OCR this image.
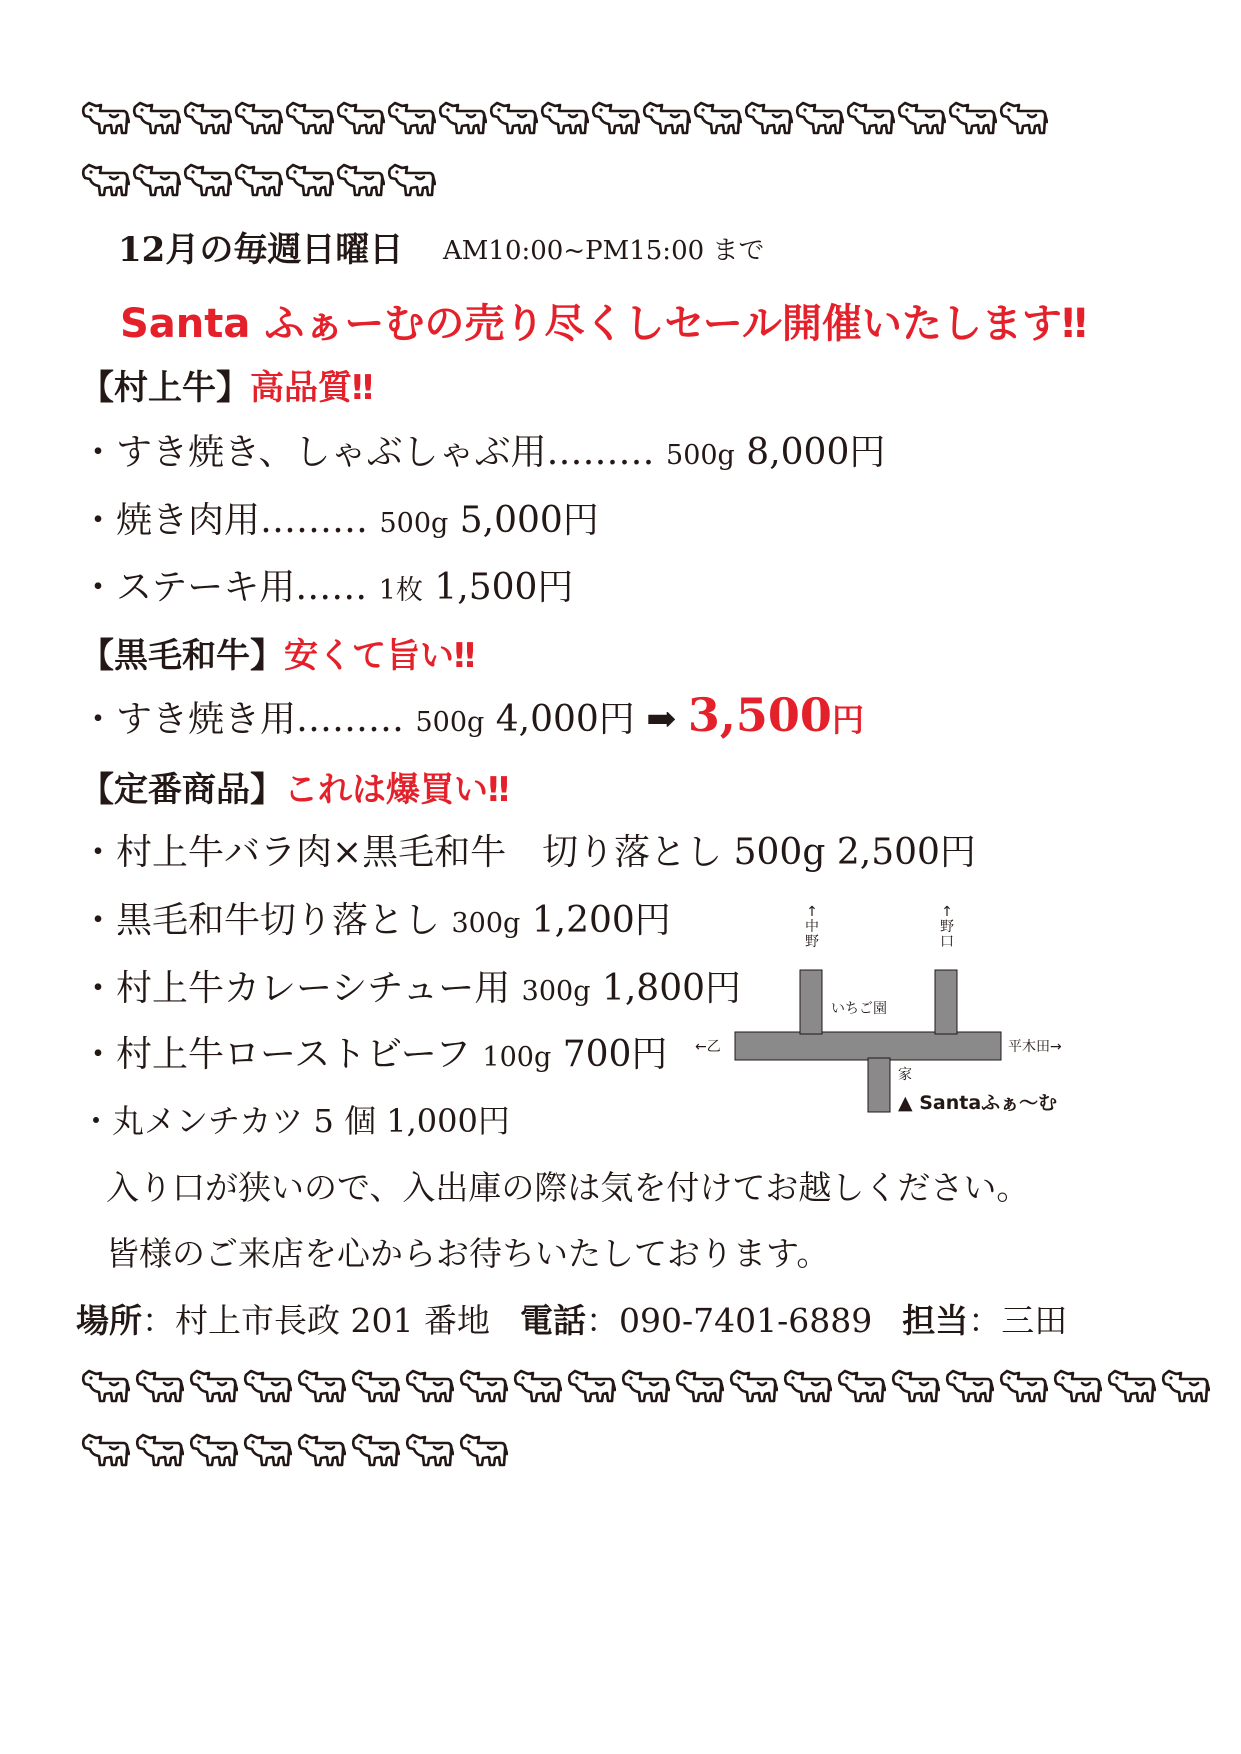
12月の毎週日曜日 AM10:00~PM15:00 まで
Santa ふぁーむの売り尽くしセール開催いたします‼
【村上牛】高品質‼
・すき焼き、しゃぶしゃぶ用……… 500g 8,000円
・焼き肉用……… 500g 5,000円
・ステーキ用…… 1枚 1,500円
【黒毛和牛】安くて旨い‼
・すき焼き用……… 500g 4,000円 ➡ 3,500円
【定番商品】これは爆買い‼
・村上牛バラ肉×黒毛和牛　切り落とし 500g 2,500円
・黒毛和牛切り落とし 300g 1,200円
・村上牛カレーシチュー用 300g 1,800円
・村上牛ローストビーフ 100g 700円
・丸メンチカツ 5 個 1,000円
入り口が狭いので、入出庫の際は気を付けてお越しください。
皆様のご来店を心からお待ちいたしております。
場所：村上市長政 201 番地 電話：090-7401-6889 担当：三田
↑中野
↑野口
いちご園
←乙	平木田→
家
▲ Santaふぁ～む
